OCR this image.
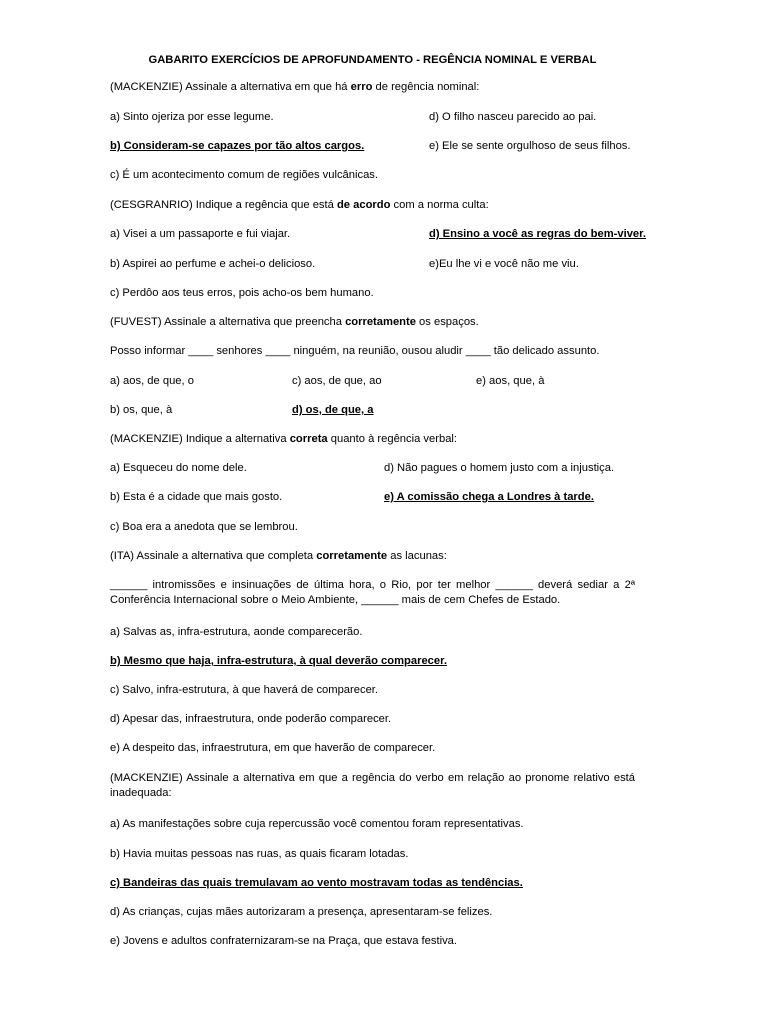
GABARITO EXERCÍCIOS DE APROFUNDAMENTO - REGÊNCIA NOMINAL E VERBAL
(MACKENZIE) Assinale a alternativa em que há erro de regência nominal:
a) Sinto ojeriza por esse legume.	d) O filho nasceu parecido ao pai.
b) Consideram-se capazes por tão altos cargos.	e) Ele se sente orgulhoso de seus filhos.
c) É um acontecimento comum de regiões vulcânicas.
(CESGRANRIO) Indique a regência que está de acordo com a norma culta:
a) Visei a um passaporte e fui viajar.	d) Ensino a você as regras do bem-viver.
b) Aspirei ao perfume e achei-o delicioso.	e)Eu lhe vi e você não me viu.
c) Perdôo aos teus erros, pois acho-os bem humano.
(FUVEST) Assinale a alternativa que preencha corretamente os espaços.
Posso informar ____ senhores ____ ninguém, na reunião, ousou aludir ____ tão delicado assunto.
a) aos, de que, o	c) aos, de que, ao	e) aos, que, à
b) os, que, à	d) os, de que, a
(MACKENZIE) Indique a alternativa correta quanto à regência verbal:
a) Esqueceu do nome dele.	d) Não pagues o homem justo com a injustiça.
b) Esta é a cidade que mais gosto.	e) A comissão chega a Londres à tarde.
c) Boa era a anedota que se lembrou.
(ITA) Assinale a alternativa que completa corretamente as lacunas:
______ intromissões e insinuações de última hora, o Rio, por ter melhor ______ deverá sediar a 2ª Conferência Internacional sobre o Meio Ambiente, ______ mais de cem Chefes de Estado.
a) Salvas as, infra-estrutura, aonde comparecerão.
b) Mesmo que haja, infra-estrutura, à qual deverão comparecer.
c) Salvo, infra-estrutura, à que haverá de comparecer.
d) Apesar das, infraestrutura, onde poderão comparecer.
e) A despeito das, infraestrutura, em que haverão de comparecer.
(MACKENZIE) Assinale a alternativa em que a regência do verbo em relação ao pronome relativo está inadequada:
a) As manifestações sobre cuja repercussão você comentou foram representativas.
b) Havia muitas pessoas nas ruas, as quais ficaram lotadas.
c) Bandeiras das quais tremulavam ao vento mostravam todas as tendências.
d) As crianças, cujas mães autorizaram a presença, apresentaram-se felizes.
e) Jovens e adultos confraternizaram-se na Praça, que estava festiva.
